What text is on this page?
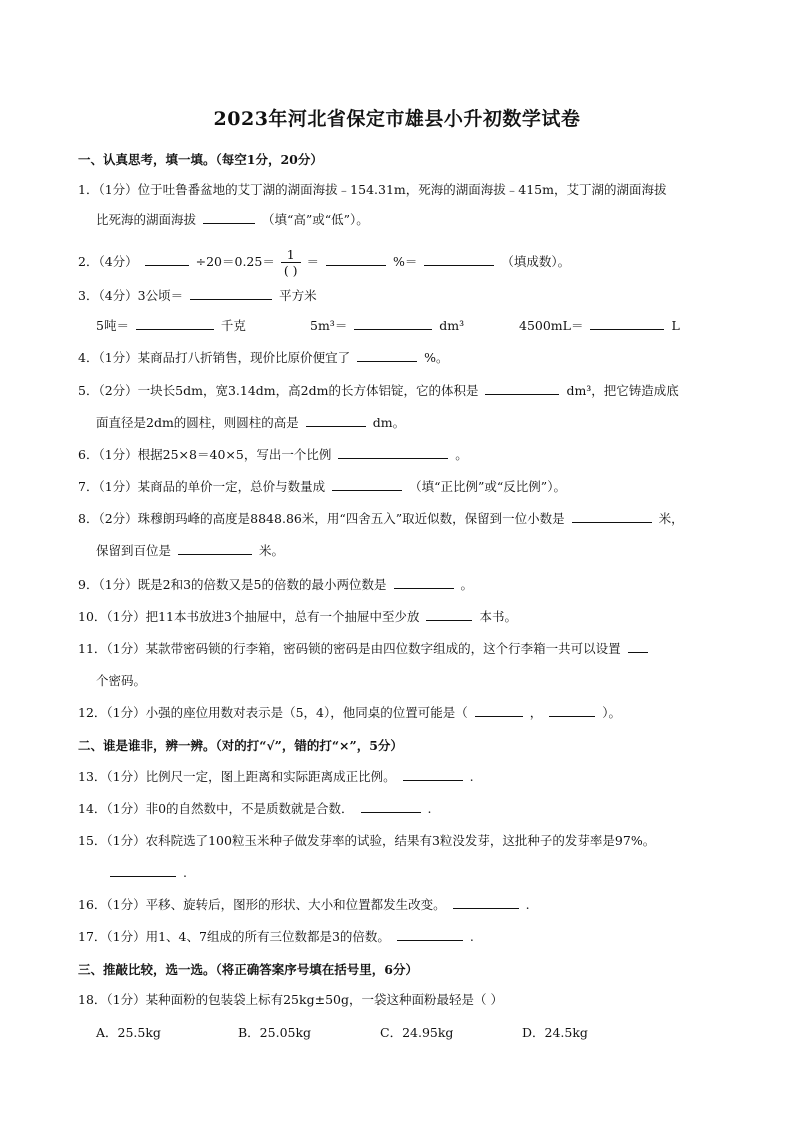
2023年河北省保定市雄县小升初数学试卷
一、认真思考，填一填。（每空1分，20分）
1．（1分）位于吐鲁番盆地的艾丁湖的湖面海拔﹣154.31m，死海的湖面海拔﹣415m，艾丁湖的湖面海拔
比死海的湖面海拔	（填“高”或“低”）。
2．（4分）	$\div 20=0.25= \frac{1}{( )}$ ＝	%＝	（填成数）。
3．（4分）3公顷＝	平方米
5吨＝	千克	5m³＝	dm³	4500mL＝	L
4．（1分）某商品打八折销售，现价比原价便宜了	%。
5．（2分）一块长5dm，宽3.14dm，高2dm的长方体铝锭，它的体积是	dm³，把它铸造成底
面直径是2dm的圆柱，则圆柱的高是	dm。
6．（1分）根据25×8＝40×5，写出一个比例	。
7．（1分）某商品的单价一定，总价与数量成	（填“正比例”或“反比例”）。
8．（2分）珠穆朗玛峰的高度是8848.86米，用“四舍五入”取近似数，保留到一位小数是	米，
保留到百位是	米。
9．（1分）既是2和3的倍数又是5的倍数的最小两位数是	。
10．（1分）把11本书放进3个抽屉中，总有一个抽屉中至少放	本书。
11．（1分）某款带密码锁的行李箱，密码锁的密码是由四位数字组成的，这个行李箱一共可以设置
个密码。
12．（1分）小强的座位用数对表示是（5，4），他同桌的位置可能是（	，	）。
二、谁是谁非，辨一辨。（对的打“√”，错的打“×”，5分）
13．（1分）比例尺一定，图上距离和实际距离成正比例。	.
14．（1分）非0的自然数中，不是质数就是合数．	.
15．（1分）农科院选了100粒玉米种子做发芽率的试验，结果有3粒没发芽，这批种子的发芽率是97%。
.
16．（1分）平移、旋转后，图形的形状、大小和位置都发生改变。	.
17．（1分）用1、4、7组成的所有三位数都是3的倍数。	.
三、推敲比较，选一选。（将正确答案序号填在括号里，6分）
18．（1分）某种面粉的包装袋上标有25kg±50g，一袋这种面粉最轻是（ ）
A．25.5kg	B．25.05kg	C．24.95kg	D．24.5kg
